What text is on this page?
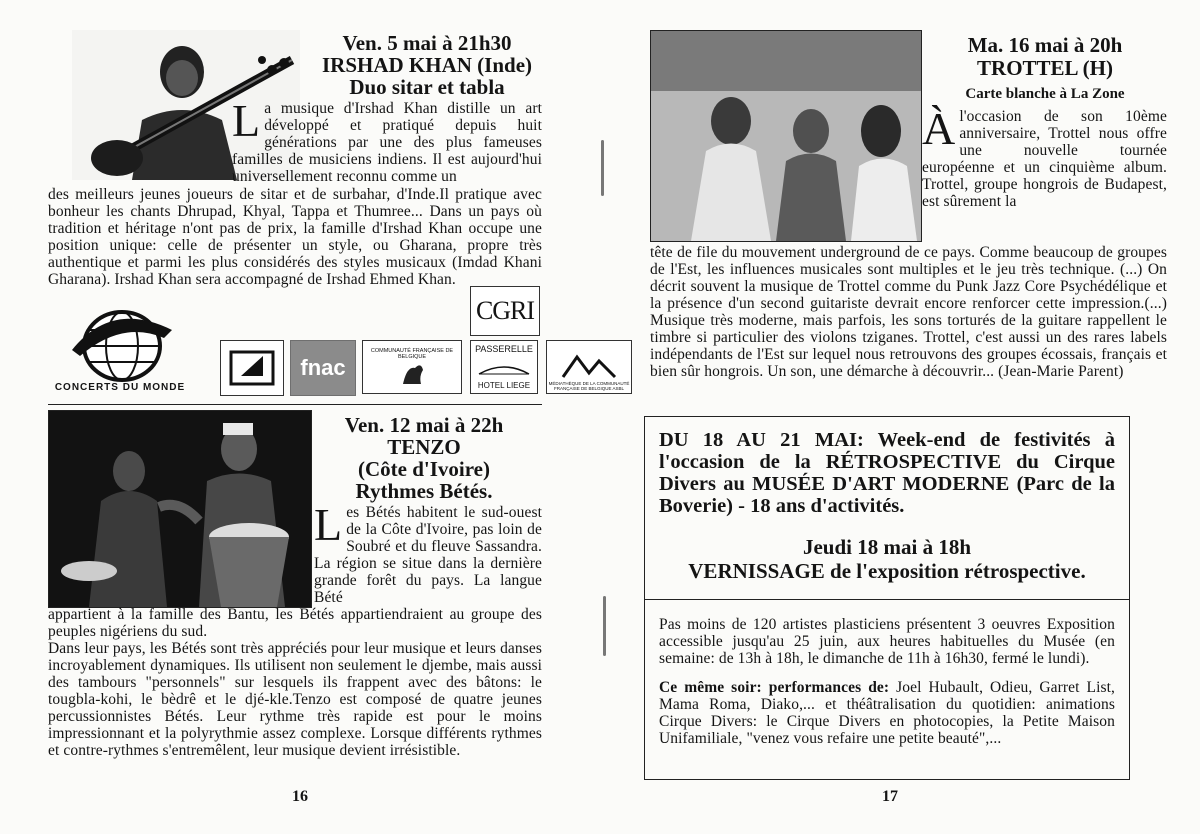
Ven. 5 mai à 21h30
IRSHAD KHAN (Inde)
Duo sitar et tabla
La musique d'Irshad Khan distille un art développé et pratiqué depuis huit générations par une des plus fameuses familles de musiciens indiens. Il est aujourd'hui universellement reconnu comme un
des meilleurs jeunes joueurs de sitar et de surbahar, d'Inde.Il pratique avec bonheur les chants Dhrupad, Khyal, Tappa et Thumree... Dans un pays où tradition et héritage n'ont pas de prix, la famille d'Irshad Khan occupe une position unique: celle de présenter un style, ou Gharana, propre très authentique et parmi les plus considérés des styles musicaux (Imdad Khani Gharana). Irshad Khan sera accompagné de Irshad Ehmed Khan.
CGRI
CONCERTS DU MONDE
fnac
COMMUNAUTÉ FRANÇAISE DE BELGIQUE
PASSERELLE
HOTEL LIEGE	MÉDIATHÈQUE DE LA COMMUNAUTÉ FRANÇAISE DE BELGIQUE ASBL
Ven. 12 mai à 22h
TENZO
(Côte d'Ivoire)
Rythmes Bétés.
Les Bétés habitent le sud-ouest de la Côte d'Ivoire, pas loin de Soubré et du fleuve Sassandra. La région se situe dans la dernière grande forêt du pays. La langue Bété
appartient à la famille des Bantu, les Bétés appartiendraient au groupe des peuples nigériens du sud.
Dans leur pays, les Bétés sont très appréciés pour leur musique et leurs danses incroyablement dynamiques. Ils utilisent non seulement le djembe, mais aussi des tambours "personnels" sur lesquels ils frappent avec des bâtons: le tougbla-kohi, le bèdrê et le djé-kle.Tenzo est composé de quatre jeunes percussionnistes Bétés. Leur rythme très rapide est pour le moins impressionnant et la polyrythmie assez complexe. Lorsque différents rythmes et contre-rythmes s'entremêlent, leur musique devient irrésistible.
16
Ma. 16 mai à 20h
TROTTEL (H)
Carte blanche à La Zone
Àl'occasion de son 10ème anniversaire, Trottel nous offre une nouvelle tournée européenne et un cinquième album. Trottel, groupe hongrois de Budapest, est sûrement la
tête de file du mouvement underground de ce pays. Comme beaucoup de groupes de l'Est, les influences musicales sont multiples et le jeu très technique. (...) On décrit souvent la musique de Trottel comme du Punk Jazz Core Psychédélique et la présence d'un second guitariste devrait encore renforcer cette impression.(...) Musique très moderne, mais parfois, les sons torturés de la guitare rappellent le timbre si particulier des violons tziganes. Trottel, c'est aussi un des rares labels indépendants de l'Est sur lequel nous retrouvons des groupes écossais, français et bien sûr hongrois. Un son, une démarche à découvrir... (Jean-Marie Parent)
DU 18 AU 21 MAI: Week-end de festivités à l'occasion de la RÉTROSPECTIVE du Cirque Divers au MUSÉE D'ART MODERNE (Parc de la Boverie) - 18 ans d'activités.
Jeudi 18 mai à 18h
VERNISSAGE de l'exposition rétrospective.
Pas moins de 120 artistes plasticiens présentent 3 oeuvres Exposition accessible jusqu'au 25 juin, aux heures habituelles du Musée (en semaine: de 13h à 18h, le dimanche de 11h à 16h30, fermé le lundi).
Ce même soir: performances de: Joel Hubault, Odieu, Garret List, Mama Roma, Diako,... et théâtralisation du quotidien: animations Cirque Divers: le Cirque Divers en photocopies, la Petite Maison Unifamiliale, "venez vous refaire une petite beauté",...
17
